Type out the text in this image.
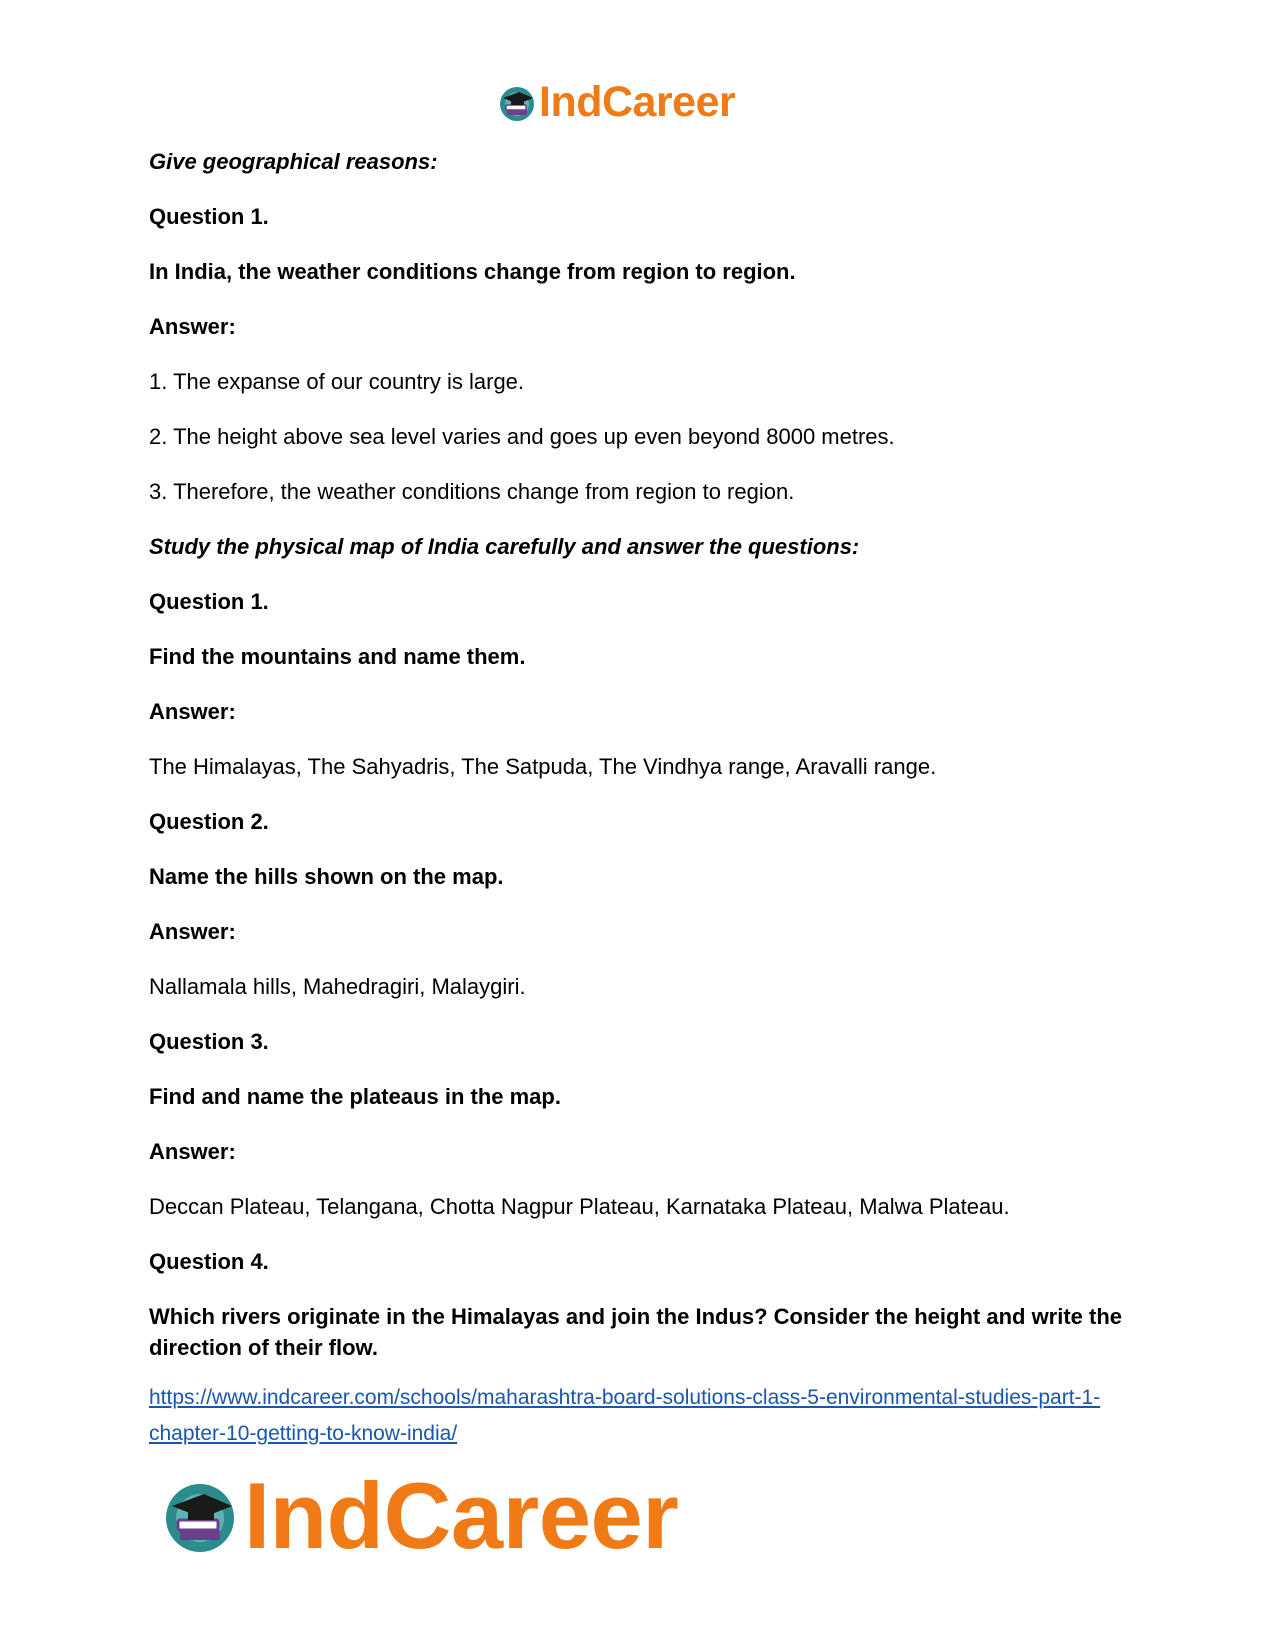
IndCareer
Give geographical reasons:
Question 1.
In India, the weather conditions change from region to region.
Answer:
1. The expanse of our country is large.
2. The height above sea level varies and goes up even beyond 8000 metres.
3. Therefore, the weather conditions change from region to region.
Study the physical map of India carefully and answer the questions:
Question 1.
Find the mountains and name them.
Answer:
The Himalayas, The Sahyadris, The Satpuda, The Vindhya range, Aravalli range.
Question 2.
Name the hills shown on the map.
Answer:
Nallamala hills, Mahedragiri, Malaygiri.
Question 3.
Find and name the plateaus in the map.
Answer:
Deccan Plateau, Telangana, Chotta Nagpur Plateau, Karnataka Plateau, Malwa Plateau.
Question 4.
Which rivers originate in the Himalayas and join the Indus? Consider the height and write the direction of their flow.
https://www.indcareer.com/schools/maharashtra-board-solutions-class-5-environmental-studies-part-1-chapter-10-getting-to-know-india/
IndCareer
